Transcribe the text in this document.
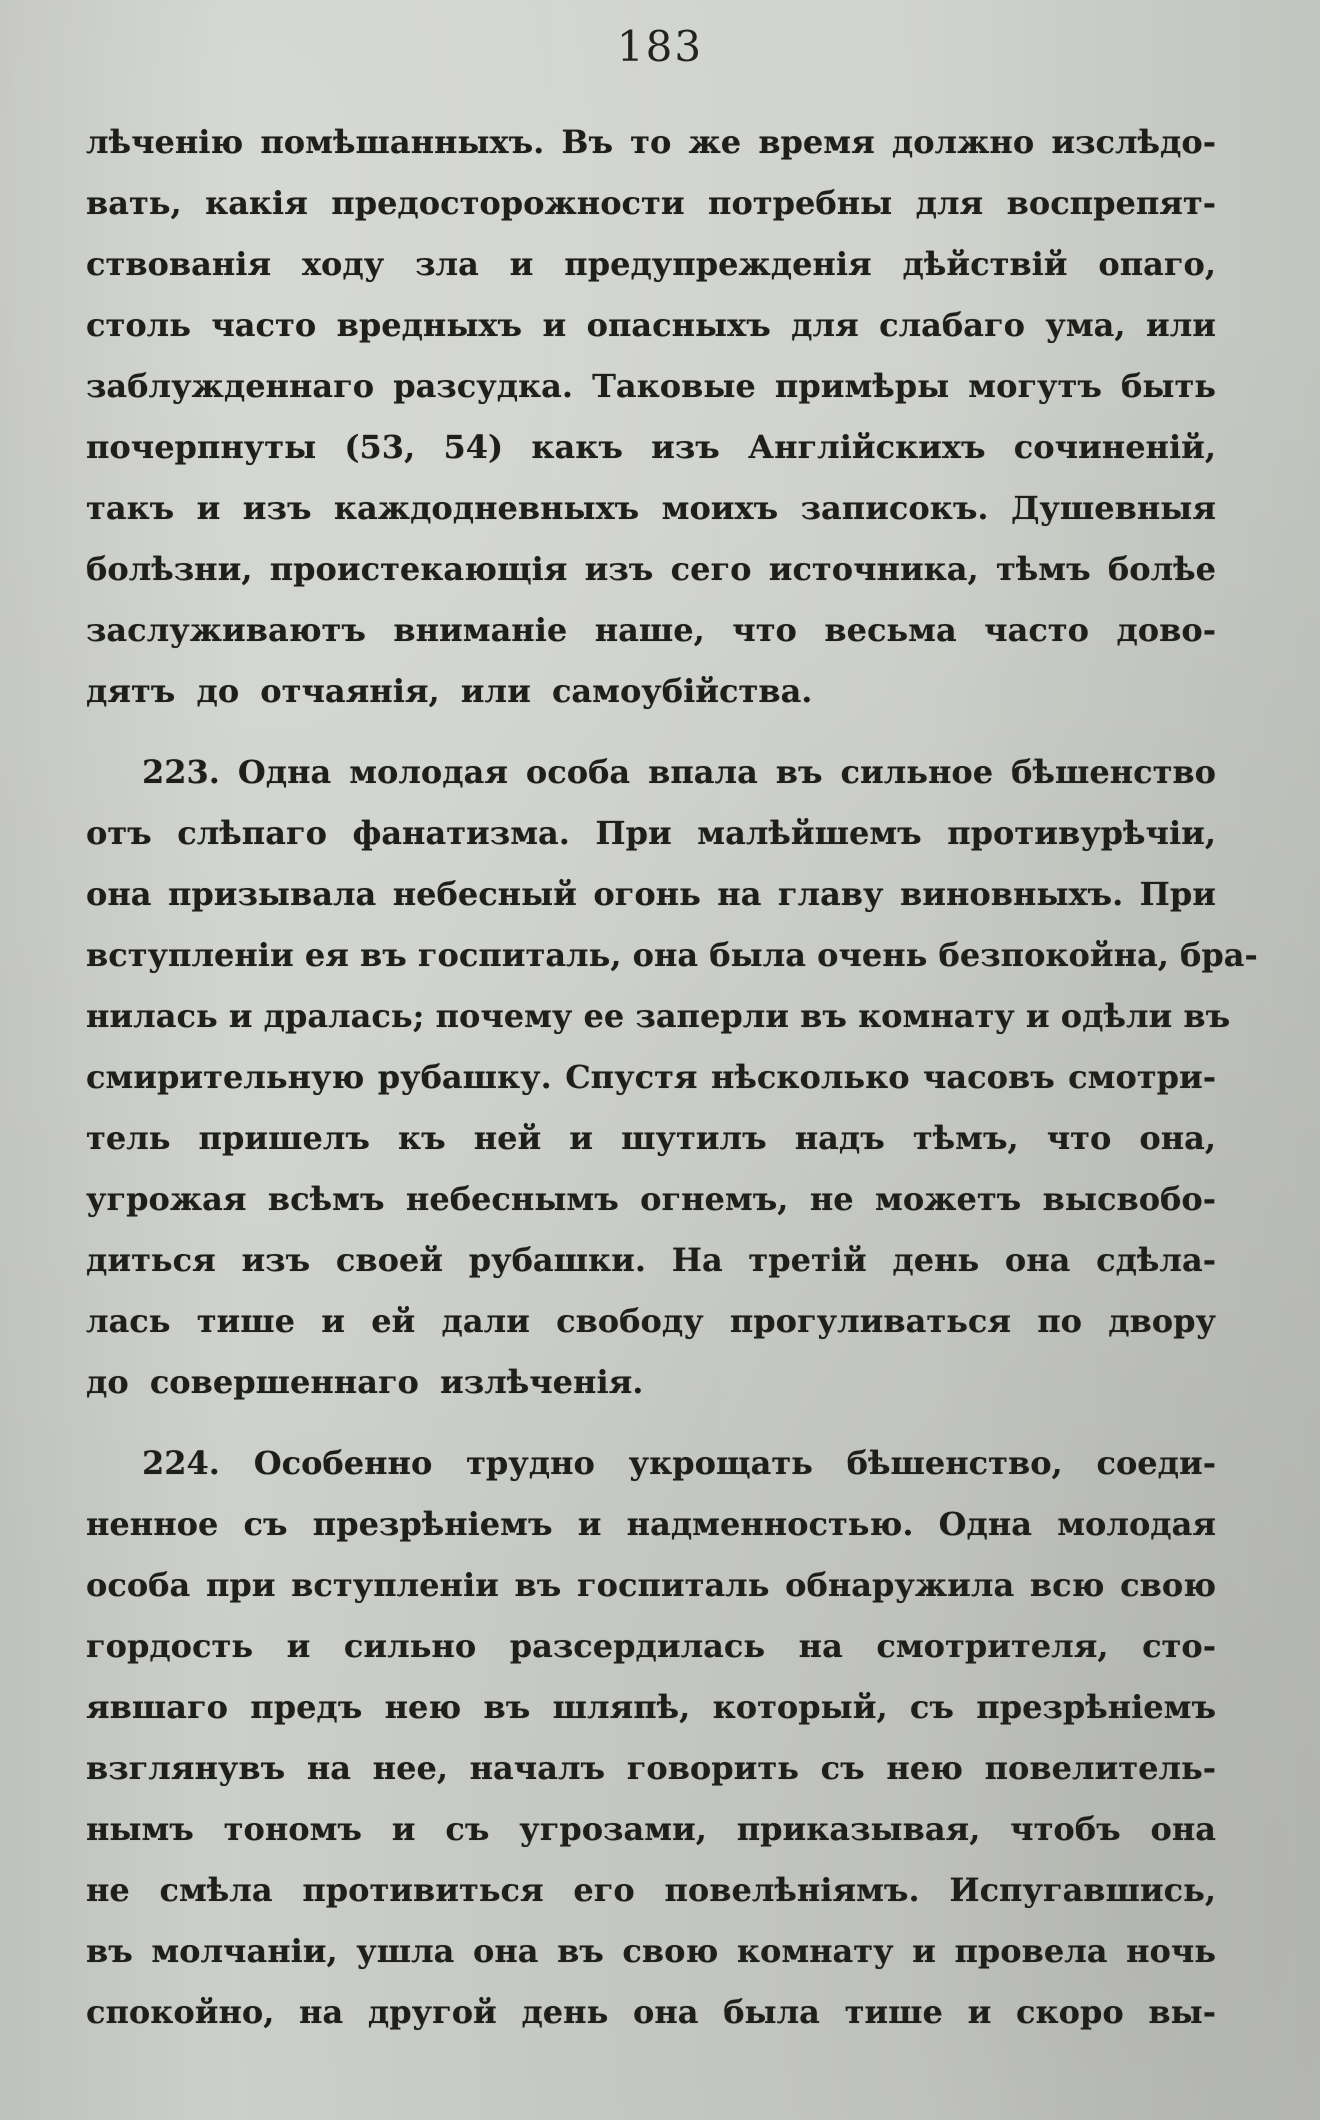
183
лѣченію помѣшанныхъ. Въ то же время должно изслѣдо-
вать, какія предосторожности потребны для воспрепят-
ствованія ходу зла и предупрежденія дѣйствій опаго,
столь часто вредныхъ и опасныхъ для слабаго ума, или
заблужденнаго разсудка. Таковые примѣры могутъ быть
почерпнуты (53, 54) какъ изъ Англійскихъ сочиненій,
такъ и изъ каждодневныхъ моихъ записокъ. Душевныя
болѣзни, проистекающія изъ сего источника, тѣмъ болѣе
заслуживаютъ вниманіе наше, что весьма часто дово-
дятъ до отчаянія, или самоубійства.
223. Одна молодая особа впала въ сильное бѣшенство
отъ слѣпаго фанатизма. При малѣйшемъ противурѣчіи,
она призывала небесный огонь на главу виновныхъ. При
вступленіи ея въ госпиталь, она была очень безпокойна, бра-
нилась и дралась; почему ее заперли въ комнату и одѣли въ
смирительную рубашку. Спустя нѣсколько часовъ смотри-
тель пришелъ къ ней и шутилъ надъ тѣмъ, что она,
угрожая всѣмъ небеснымъ огнемъ, не можетъ высвобо-
диться изъ своей рубашки. На третій день она сдѣла-
лась тише и ей дали свободу прогуливаться по двору
до совершеннаго излѣченія.
224. Особенно трудно укрощать бѣшенство, соеди-
ненное съ презрѣніемъ и надменностью. Одна молодая
особа при вступленіи въ госпиталь обнаружила всю свою
гордость и сильно разсердилась на смотрителя, сто-
явшаго предъ нею въ шляпѣ, который, съ презрѣніемъ
взглянувъ на нее, началъ говорить съ нею повелитель-
нымъ тономъ и съ угрозами, приказывая, чтобъ она
не смѣла противиться его повелѣніямъ. Испугавшись,
въ молчаніи, ушла она въ свою комнату и провела ночь
спокойно, на другой день она была тише и скоро вы-
